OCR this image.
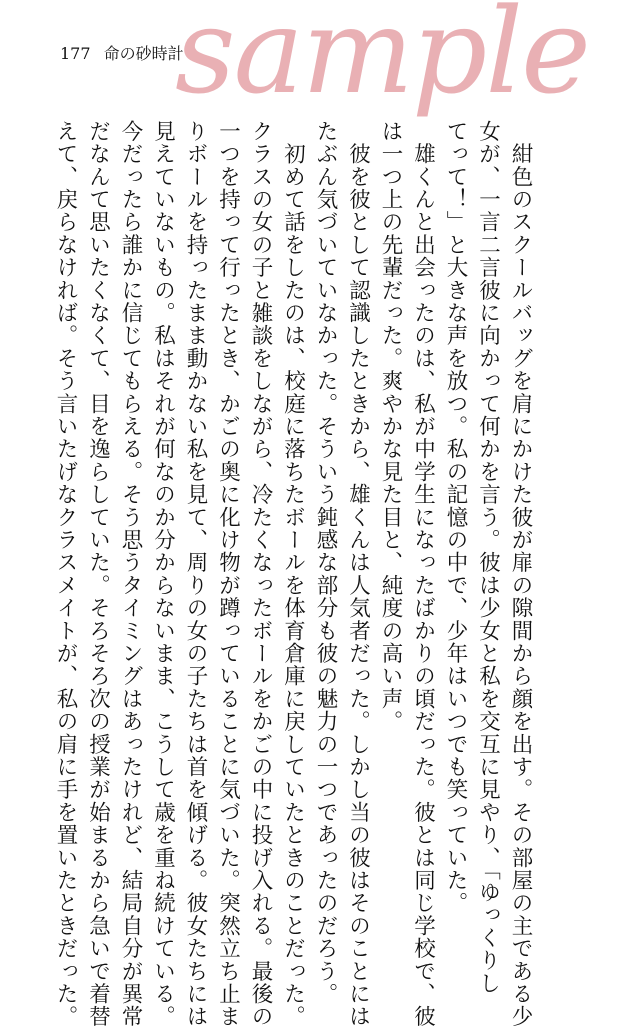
177 命の砂時計
sample
　紺色のスクールバッグを肩にかけた彼が扉の隙間から顔を出す。その部屋の主である少
女が、一言二言彼に向かって何かを言う。彼は少女と私を交互に見やり、「ゆっくりし
てって！」と大きな声を放つ。私の記憶の中で、少年はいつでも笑っていた。
　雄くんと出会ったのは、私が中学生になったばかりの頃だった。彼とは同じ学校で、彼
は一つ上の先輩だった。爽やかな見た目と、純度の高い声。
　彼を彼として認識したときから、雄くんは人気者だった。しかし当の彼はそのことには
たぶん気づいていなかった。そういう鈍感な部分も彼の魅力の一つであったのだろう。
　初めて話をしたのは、校庭に落ちたボールを体育倉庫に戻していたときのことだった。
クラスの女の子と雑談をしながら、冷たくなったボールをかごの中に投げ入れる。最後の
一つを持って行ったとき、かごの奥に化け物が蹲っていることに気づいた。突然立ち止ま
りボールを持ったまま動かない私を見て、周りの女の子たちは首を傾げる。彼女たちには
見えていないもの。私はそれが何なのか分からないまま、こうして歳を重ね続けている。
今だったら誰かに信じてもらえる。そう思うタイミングはあったけれど、結局自分が異常
だなんて思いたくなくて、目を逸らしていた。そろそろ次の授業が始まるから急いで着替
えて、戻らなければ。そう言いたげなクラスメイトが、私の肩に手を置いたときだった。
